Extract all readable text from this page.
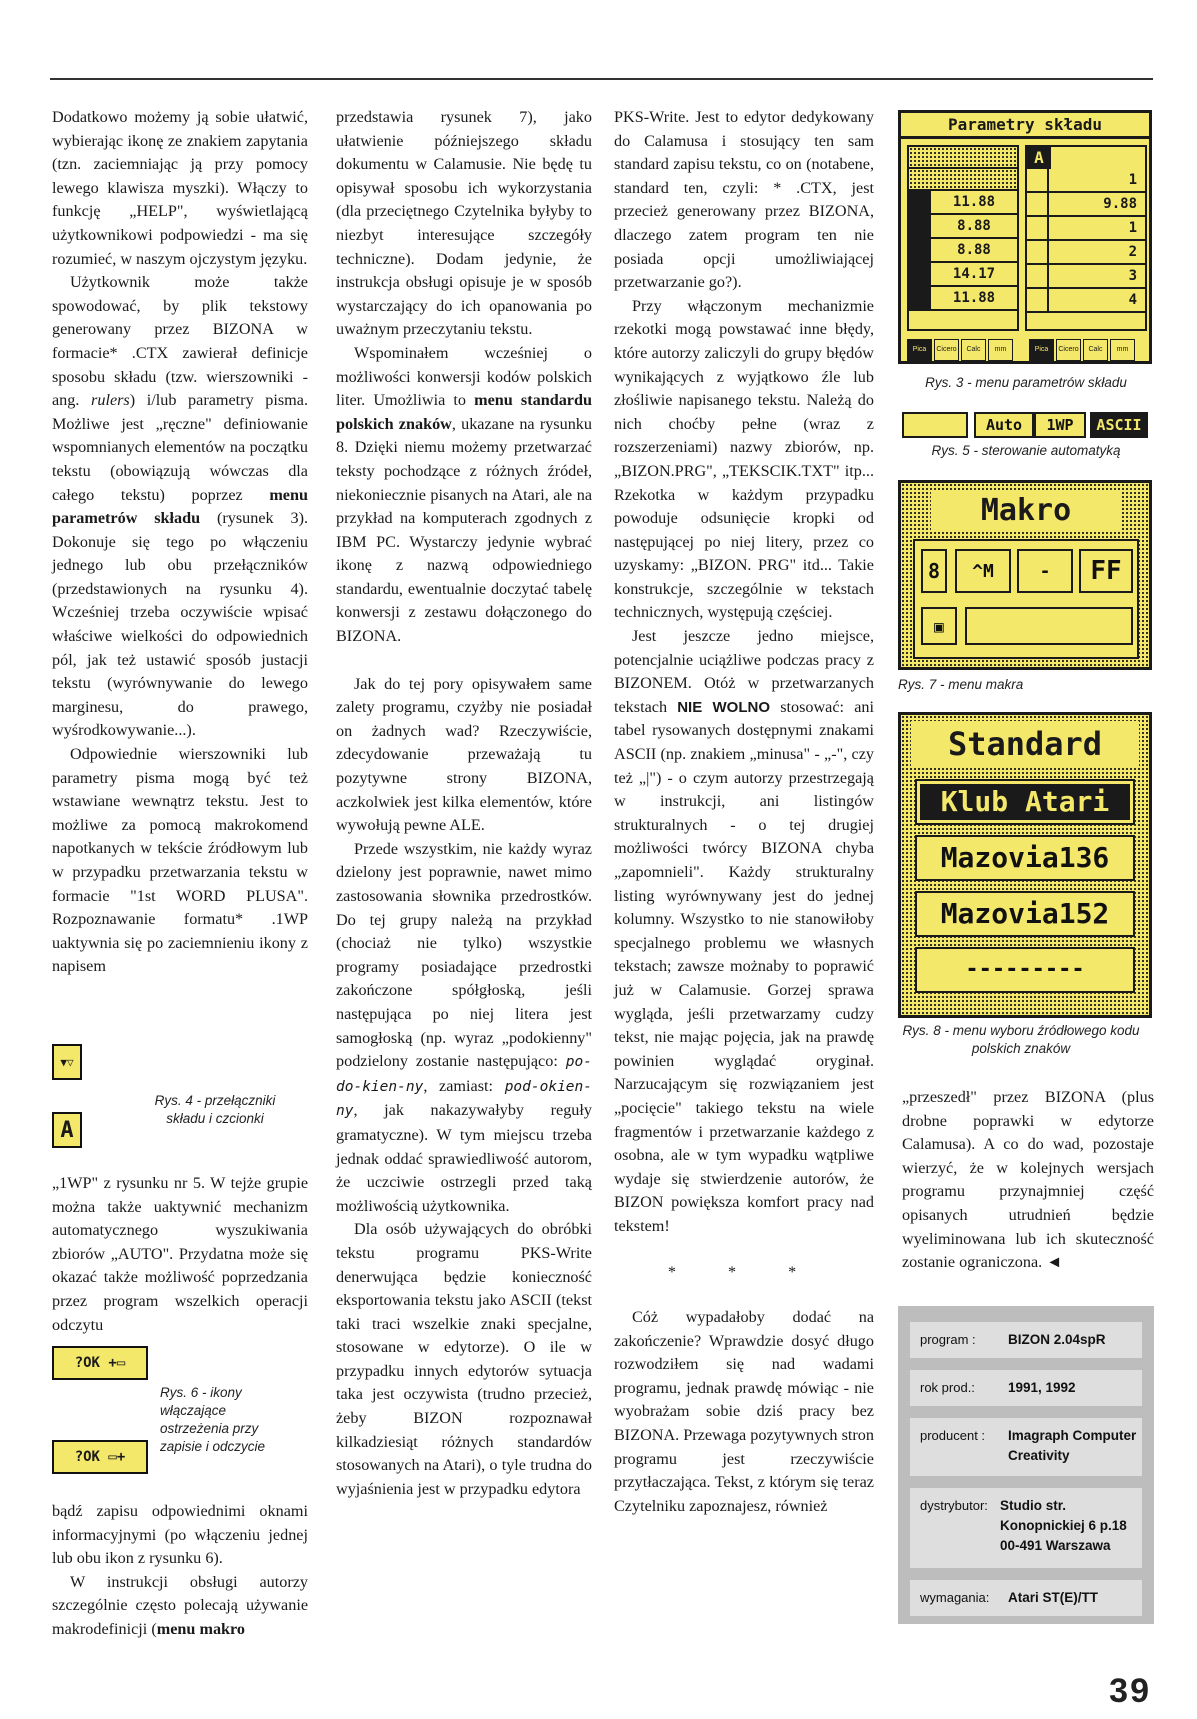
Dodatkowo możemy ją sobie ułatwić, wybierając ikonę ze znakiem zapytania (tzn. zaciemniając ją przy pomocy lewego klawisza myszki). Włączy to funkcję „HELP", wyświetlającą użytkownikowi podpowiedzi - ma się rozumieć, w naszym ojczystym języku.

Użytkownik może także spowodować, by plik tekstowy generowany przez BIZONA w formacie* .CTX zawierał definicje sposobu składu (tzw. wierszowniki - ang. rulers) i/lub parametry pisma. Możliwe jest „ręczne" definiowanie wspomnianych elementów na początku tekstu (obowiązują wówczas dla całego tekstu) poprzez menu parametrów składu (rysunek 3). Dokonuje się tego po włączeniu jednego lub obu przełączników (przedstawionych na rysunku 4). Wcześniej trzeba oczywiście wpisać właściwe wielkości do odpowiednich pól, jak też ustawić sposób justacji tekstu (wyrównywanie do lewego marginesu, do prawego, wyśrodkowywanie...).

Odpowiednie wierszowniki lub parametry pisma mogą być też wstawiane wewnątrz tekstu. Jest to możliwe za pomocą makrokomend napotkanych w tekście źródłowym lub w przypadku przetwarzania tekstu w formacie "1st WORD PLUSA". Rozpoznawanie formatu* .1WP uaktywnia się po zaciemnieniu ikony z napisem

▼▽
A
Rys. 4 - przełączniki składu i czcionki

„1WP" z rysunku nr 5. W tejże grupie można także uaktywnić mechanizm automatycznego wyszukiwania zbiorów „AUTO". Przydatna może się okazać także możliwość poprzedzania przez program wszelkich operacji odczytu

?OK +▭
?OK ▭+
Rys. 6 - ikony włączające ostrzeżenia przy zapisie i odczycie

bądź zapisu odpowiednimi oknami informacyjnymi (po włączeniu jednej lub obu ikon z rysunku 6).

W instrukcji obsługi autorzy szczególnie często polecają używanie makrodefinicji (menu makro

przedstawia rysunek 7), jako ułatwienie późniejszego składu dokumentu w Calamusie. Nie będę tu opisywał sposobu ich wykorzystania (dla przeciętnego Czytelnika byłyby to niezbyt interesujące szczegóły techniczne). Dodam jedynie, że instrukcja obsługi opisuje je w sposób wystarczający do ich opanowania po uważnym przeczytaniu tekstu.

Wspominałem wcześniej o możliwości konwersji kodów polskich liter. Umożliwia to menu standardu polskich znaków, ukazane na rysunku 8. Dzięki niemu możemy przetwarzać teksty pochodzące z różnych źródeł, niekoniecznie pisanych na Atari, ale na przykład na komputerach zgodnych z IBM PC. Wystarczy jedynie wybrać ikonę z nazwą odpowiedniego standardu, ewentualnie doczytać tabelę konwersji z zestawu dołączonego do BIZONA.

Jak do tej pory opisywałem same zalety programu, czyżby nie posiadał on żadnych wad? Rzeczywiście, zdecydowanie przeważają tu pozytywne strony BIZONA, aczkolwiek jest kilka elementów, które wywołują pewne ALE.

Przede wszystkim, nie każdy wyraz dzielony jest poprawnie, nawet mimo zastosowania słownika przedrostków. Do tej grupy należą na przykład (chociaż nie tylko) wszystkie programy posiadające przedrostki zakończone spółgłoską, jeśli następująca po niej litera jest samogłoską (np. wyraz „podokienny" podzielony zostanie następująco: po-do-kien-ny, zamiast: pod-okien-ny, jak nakazywałyby reguły gramatyczne). W tym miejscu trzeba jednak oddać sprawiedliwość autorom, że uczciwie ostrzegli przed taką możliwością użytkownika.

Dla osób używających do obróbki tekstu programu PKS-Write denerwująca będzie konieczność eksportowania tekstu jako ASCII (tekst taki traci wszelkie znaki specjalne, stosowane w edytorze). O ile w przypadku innych edytorów sytuacja taka jest oczywista (trudno przecież, żeby BIZON rozpoznawał kilkadziesiąt różnych standardów stosowanych na Atari), o tyle trudna do wyjaśnienia jest w przypadku edytora

PKS-Write. Jest to edytor dedykowany do Calamusa i stosujący ten sam standard zapisu tekstu, co on (notabene, standard ten, czyli: * .CTX, jest przecież generowany przez BIZONA, dlaczego zatem program ten nie posiada opcji umożliwiającej przetwarzanie go?).

Przy włączonym mechanizmie rzekotki mogą powstawać inne błędy, które autorzy zaliczyli do grupy błędów wynikających z wyjątkowo źle lub złośliwie napisanego tekstu. Należą do nich choćby pełne (wraz z rozszerzeniami) nazwy zbiorów, np. „BIZON.PRG", „TEKSCIK.TXT" itp... Rzekotka w każdym przypadku powoduje odsunięcie kropki od następującej po niej litery, przez co uzyskamy: „BIZON. PRG" itd... Takie konstrukcje, szczególnie w tekstach technicznych, występują częściej.

Jest jeszcze jedno miejsce, potencjalnie uciążliwe podczas pracy z BIZONEM. Otóż w przetwarzanych tekstach NIE WOLNO stosować: ani tabel rysowanych dostępnymi znakami ASCII (np. znakiem „minusa" - „-", czy też „|") - o czym autorzy przestrzegają w instrukcji, ani listingów strukturalnych - o tej drugiej możliwości twórcy BIZONA chyba „zapomnieli". Każdy strukturalny listing wyrównywany jest do jednej kolumny. Wszystko to nie stanowiłoby specjalnego problemu we własnych tekstach; zawsze możnaby to poprawić już w Calamusie. Gorzej sprawa wygląda, jeśli przetwarzamy cudzy tekst, nie mając pojęcia, jak na prawdę powinien wyglądać oryginał. Narzucającym się rozwiązaniem jest „pocięcie" takiego tekstu na wiele fragmentów i przetwarzanie każdego z osobna, ale w tym wypadku wątpliwe wydaje się stwierdzenie autorów, że BIZON powiększa komfort pracy nad tekstem!

* * *

Cóż wypadałoby dodać na zakończenie? Wprawdzie dosyć długo rozwodziłem się nad wadami programu, jednak prawdę mówiąc - nie wyobrażam sobie dziś pracy bez BIZONA. Przewaga pozytywnych stron programu jest rzeczywiście przytłaczająca. Tekst, z którym się teraz Czytelniku zapoznajesz, również

Parametry składu
11.88
8.88
8.88
14.17
11.88
A
1
9.88
1
2
3
4
Pica	Cicero	Calc	mm	Pica	Cicero	Calc	mm
Rys. 3 - menu parametrów składu
?▭●	Auto	1WP	ASCII
Rys. 5 - sterowanie automatyką
Makro
8	^M	-	FF
▣
Rys. 7 - menu makra
Standard
Klub Atari
Mazovia136
Mazovia152
---------
Rys. 8 - menu wyboru źródłowego kodu polskich znaków

„przeszedł" przez BIZONA (plus drobne poprawki w edytorze Calamusa). A co do wad, pozostaje wierzyć, że w kolejnych wersjach programu przynajmniej część opisanych utrudnień będzie wyeliminowana lub ich skuteczność zostanie ograniczona. ◄

program : BIZON 2.04spR
rok prod.: 1991, 1992
producent : Imagraph Computer Creativity
dystrybutor: Studio str. Konopnickiej 6 p.18 00-491 Warszawa
wymagania: Atari ST(E)/TT
39
